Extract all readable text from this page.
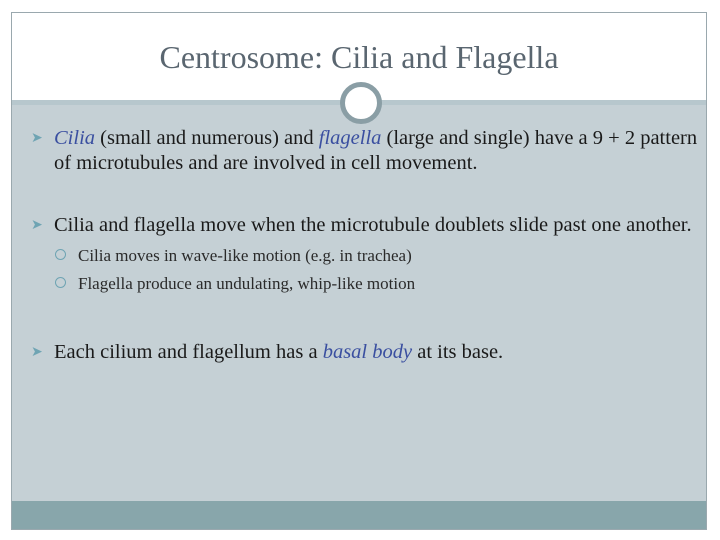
Centrosome: Cilia and Flagella

➤ Cilia (small and numerous) and flagella (large and single) have a 9 + 2 pattern of microtubules and are involved in cell movement.

➤ Cilia and flagella move when the microtubule doublets slide past one another.

Cilia moves in wave-like motion (e.g. in trachea)
Flagella produce an undulating, whip-like motion

➤ Each cilium and flagellum has a basal body at its base.
